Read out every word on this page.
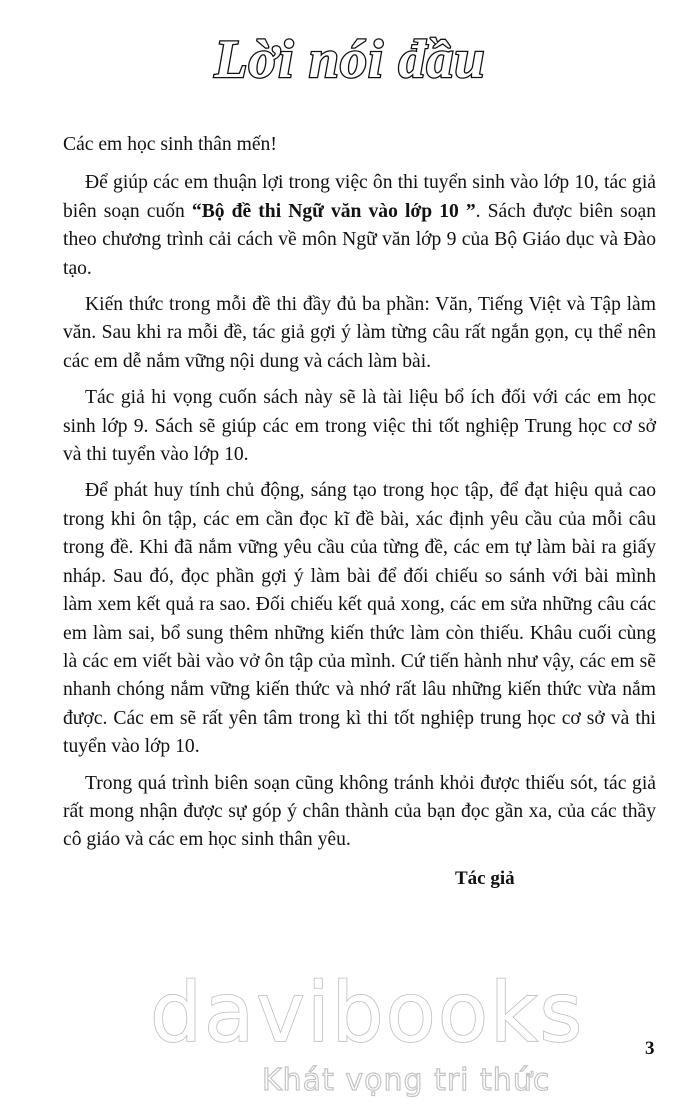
Lời nói đầu

Các em học sinh thân mến!

Để giúp các em thuận lợi trong việc ôn thi tuyển sinh vào lớp 10, tác giả biên soạn cuốn “Bộ đề thi Ngữ văn vào lớp 10 ”. Sách được biên soạn theo chương trình cải cách về môn Ngữ văn lớp 9 của Bộ Giáo dục và Đào tạo.

Kiến thức trong mỗi đề thi đầy đủ ba phần: Văn, Tiếng Việt và Tập làm văn. Sau khi ra mỗi đề, tác giả gợi ý làm từng câu rất ngắn gọn, cụ thể nên các em dễ nắm vững nội dung và cách làm bài.

Tác giả hi vọng cuốn sách này sẽ là tài liệu bổ ích đối với các em học sinh lớp 9. Sách sẽ giúp các em trong việc thi tốt nghiệp Trung học cơ sở và thi tuyển vào lớp 10.

Để phát huy tính chủ động, sáng tạo trong học tập, để đạt hiệu quả cao trong khi ôn tập, các em cần đọc kĩ đề bài, xác định yêu cầu của mỗi câu trong đề. Khi đã nắm vững yêu cầu của từng đề, các em tự làm bài ra giấy nháp. Sau đó, đọc phần gợi ý làm bài để đối chiếu so sánh với bài mình làm xem kết quả ra sao. Đối chiếu kết quả xong, các em sửa những câu các em làm sai, bổ sung thêm những kiến thức làm còn thiếu. Khâu cuối cùng là các em viết bài vào vở ôn tập của mình. Cứ tiến hành như vậy, các em sẽ nhanh chóng nắm vững kiến thức và nhớ rất lâu những kiến thức vừa nắm được. Các em sẽ rất yên tâm trong kì thi tốt nghiệp trung học cơ sở và thi tuyển vào lớp 10.

Trong quá trình biên soạn cũng không tránh khỏi được thiếu sót, tác giả rất mong nhận được sự góp ý chân thành của bạn đọc gần xa, của các thầy cô giáo và các em học sinh thân yêu.

Tác giả
davibooks
Khát vọng tri thức
3
